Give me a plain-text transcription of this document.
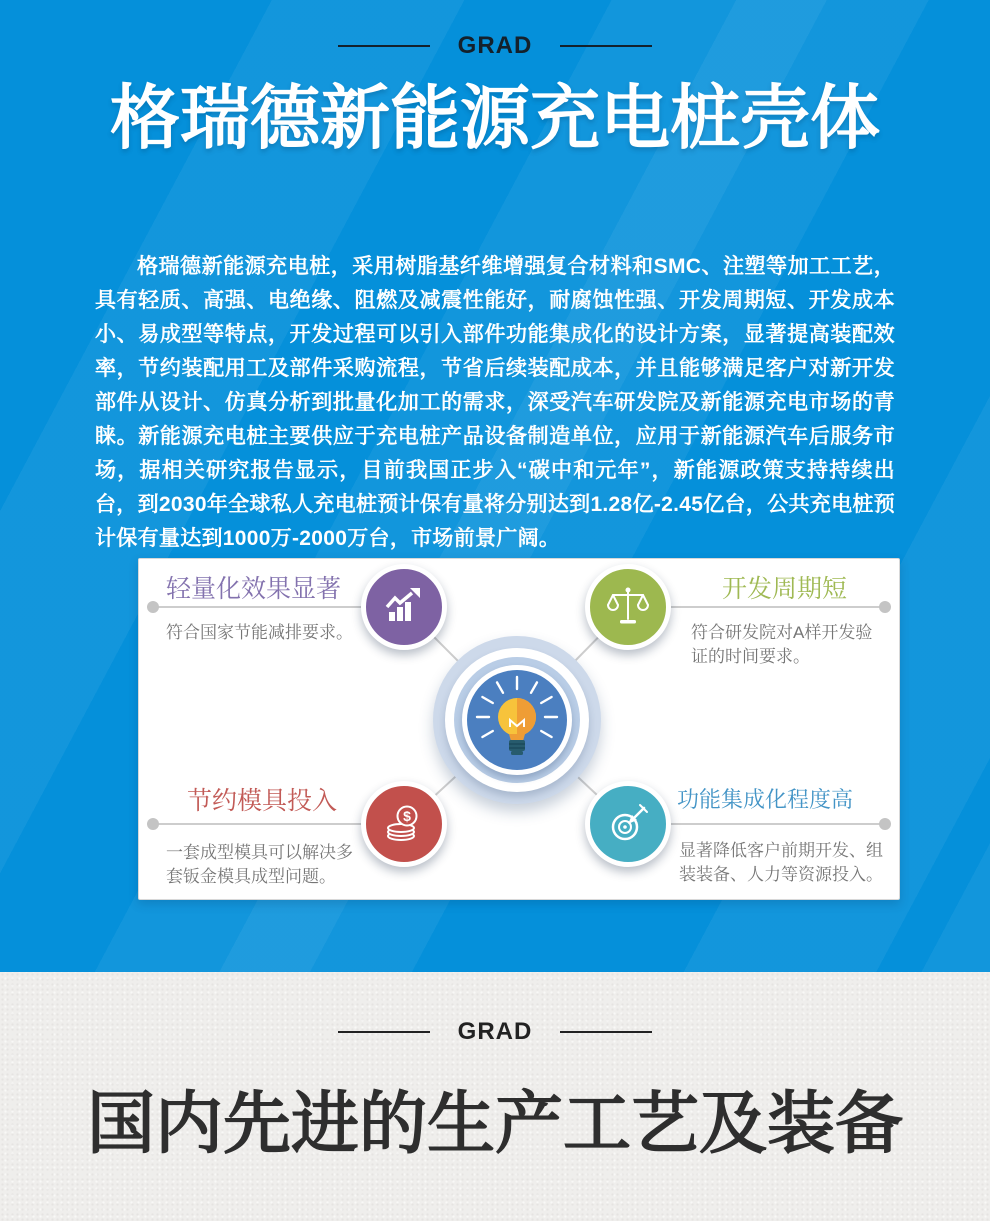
GRAD
格瑞德新能源充电桩壳体

格瑞德新能源充电桩，采用树脂基纤维增强复合材料和SMC、注塑等加工工艺，具有轻质、高强、电绝缘、阻燃及减震性能好，耐腐蚀性强、开发周期短、开发成本小、易成型等特点，开发过程可以引入部件功能集成化的设计方案，显著提高装配效率，节约装配用工及部件采购流程，节省后续装配成本，并且能够满足客户对新开发部件从设计、仿真分析到批量化加工的需求，深受汽车研发院及新能源充电市场的青睐。新能源充电桩主要供应于充电桩产品设备制造单位，应用于新能源汽车后服务市场，据相关研究报告显示，目前我国正步入“碳中和元年”，新能源政策支持持续出台，到2030年全球私人充电桩预计保有量将分别达到1.28亿-2.45亿台，公共充电桩预计保有量达到1000万-2000万台，市场前景广阔。

$
轻量化效果显著
符合国家节能减排要求。
开发周期短
符合研发院对A样开发验证的时间要求。
节约模具投入
一套成型模具可以解决多套钣金模具成型问题。
功能集成化程度高
显著降低客户前期开发、组装装备、人力等资源投入。
GRAD
国内先进的生产工艺及装备
